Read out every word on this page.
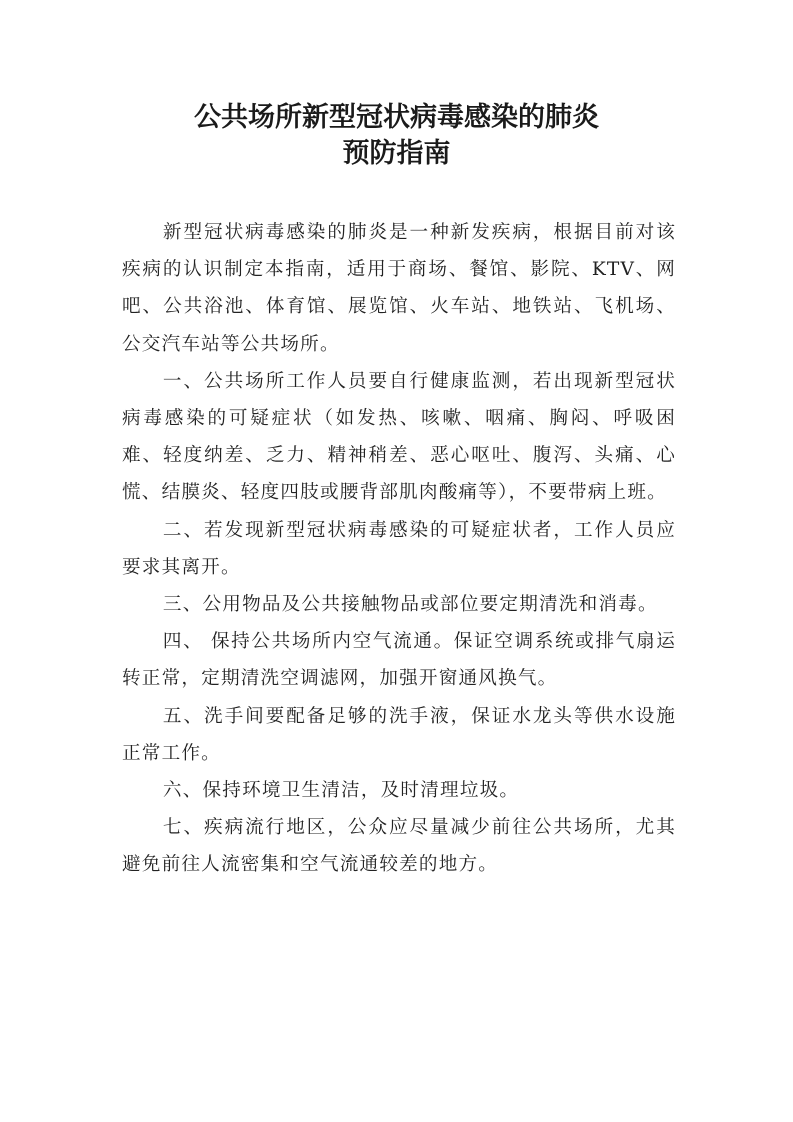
公共场所新型冠状病毒感染的肺炎
预防指南

新型冠状病毒感染的肺炎是一种新发疾病，根据目前对该疾病的认识制定本指南，适用于商场、餐馆、影院、KTV、网吧、公共浴池、体育馆、展览馆、火车站、地铁站、飞机场、公交汽车站等公共场所。

一、公共场所工作人员要自行健康监测，若出现新型冠状病毒感染的可疑症状（如发热、咳嗽、咽痛、胸闷、呼吸困难、轻度纳差、乏力、精神稍差、恶心呕吐、腹泻、头痛、心慌、结膜炎、轻度四肢或腰背部肌肉酸痛等），不要带病上班。

二、若发现新型冠状病毒感染的可疑症状者，工作人员应要求其离开。

三、公用物品及公共接触物品或部位要定期清洗和消毒。

四、 保持公共场所内空气流通。保证空调系统或排气扇运转正常，定期清洗空调滤网，加强开窗通风换气。

五、洗手间要配备足够的洗手液，保证水龙头等供水设施正常工作。

六、保持环境卫生清洁，及时清理垃圾。

七、疾病流行地区，公众应尽量减少前往公共场所，尤其避免前往人流密集和空气流通较差的地方。
